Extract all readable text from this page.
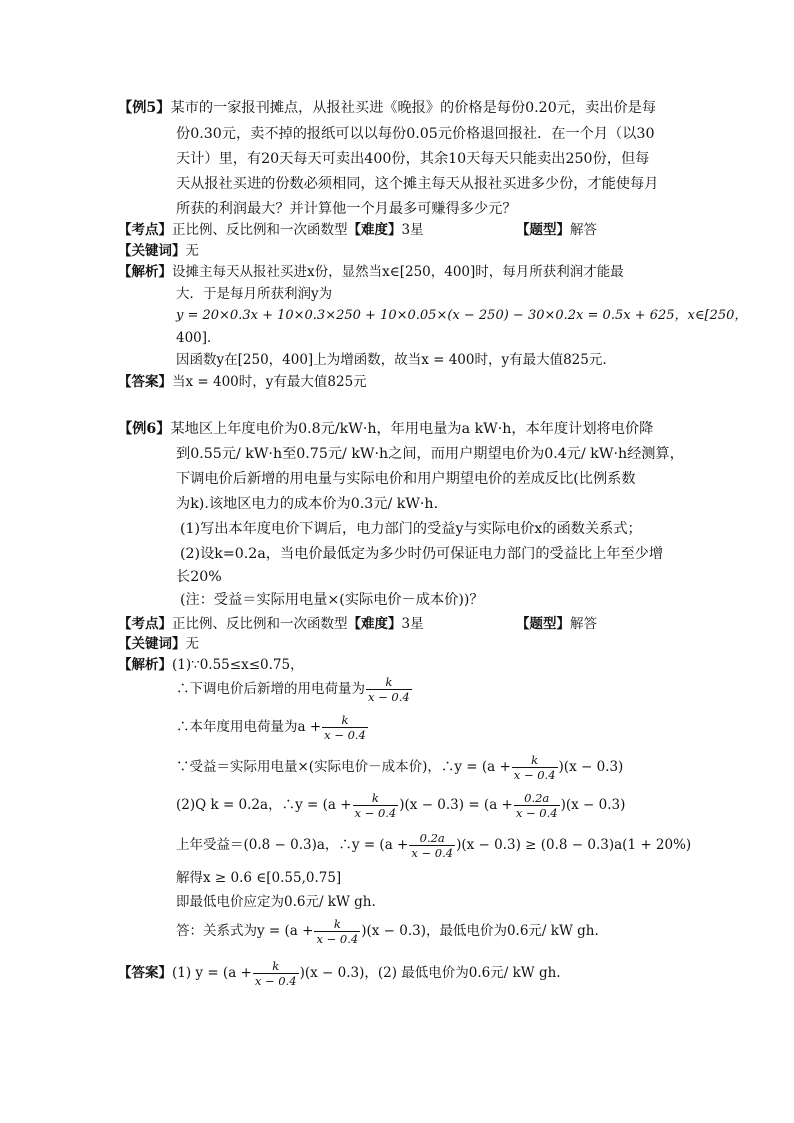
【例5】某市的一家报刊摊点，从报社买进《晚报》的价格是每份0.20元，卖出价是每
份0.30元，卖不掉的报纸可以以每份0.05元价格退回报社．在一个月（以30
天计）里，有20天每天可卖出400份，其余10天每天只能卖出250份，但每
天从报社买进的份数必须相同，这个摊主每天从报社买进多少份，才能使每月
所获的利润最大？并计算他一个月最多可赚得多少元？
【考点】正比例、反比例和一次函数型【难度】3星	【题型】解答
【关键词】无
【解析】设摊主每天从报社买进x份，显然当x∈[250，400]时，每月所获利润才能最
大．于是每月所获利润y为
y = 20×0.3x + 10×0.3×250 + 10×0.05×(x − 250) − 30×0.2x = 0.5x + 625，x∈[250，
400]．
因函数y在[250，400]上为增函数，故当x = 400时，y有最大值825元.
【答案】当x = 400时，y有最大值825元
【例6】某地区上年度电价为0.8元/kW·h，年用电量为a kW·h，本年度计划将电价降
到0.55元/ kW·h至0.75元/ kW·h之间，而用户期望电价为0.4元/ kW·h经测算，
下调电价后新增的用电量与实际电价和用户期望电价的差成反比(比例系数
为k).该地区电力的成本价为0.3元/ kW·h.
(1)写出本年度电价下调后，电力部门的受益y与实际电价x的函数关系式；
(2)设k=0.2a，当电价最低定为多少时仍可保证电力部门的受益比上年至少增
长20%
(注：受益＝实际用电量×(实际电价－成本价))？
【考点】正比例、反比例和一次函数型【难度】3星	【题型】解答
【关键词】无
【解析】(1)∵0.55≤x≤0.75，
∴下调电价后新增的用电荷量为 $\frac{k}{x - 0.4}$
∴本年度用电荷量为$a + \frac{k}{x - 0.4}$
∵受益＝实际用电量×(实际电价－成本价)，∴y = $(a + \frac{k}{x - 0.4} )(x - 0.3)$
(2)Q k = 0.2a，∴y = $(a + \frac{k}{x - 0.4} )(x - 0.3) = (a + \frac{0.2a}{x - 0.4} )(x - 0.3)$
上年受益＝(0.8 − 0.3)a，∴y = $(a + \frac{0.2a}{x - 0.4} )(x - 0.3) \ge (0.8 - 0.3)a(1 + 20\%)$
解得x ≥ 0.6 ∈[0.55,0.75]
即最低电价应定为0.6元/ kW gh.
答：关系式为$y = (a + \frac{k}{x - 0.4} )(x - 0.3)$，最低电价为0.6元/ kW gh.
【答案】(1) $y = (a + \frac{k}{x - 0.4} )(x - 0.3)$，(2) 最低电价为0.6元/ kW gh.
